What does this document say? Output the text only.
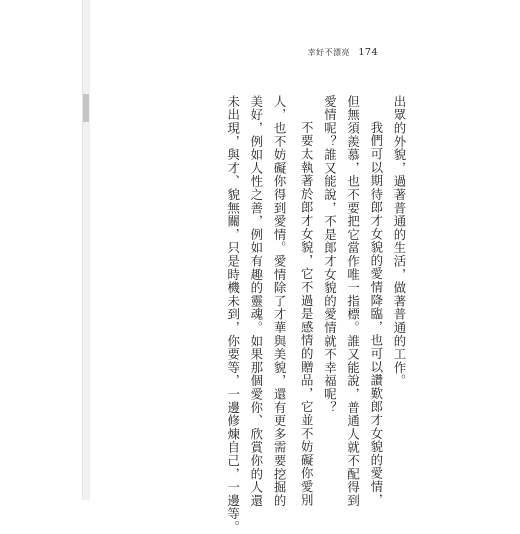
幸好不漂亮 174
出眾的外貌，過著普通的生活，做著普通的工作。
我們可以期待郎才女貌的愛情降臨，也可以讚歎郎才女貌的愛情，
但無須羨慕，也不要把它當作唯一指標。誰又能說，普通人就不配得到
愛情呢？誰又能說，不是郎才女貌的愛情就不幸福呢？
不要太執著於郎才女貌，它不過是感情的贈品，它並不妨礙你愛別
人，也不妨礙你得到愛情。愛情除了才華與美貌，還有更多需要挖掘的
美好，例如人性之善，例如有趣的靈魂。如果那個愛你、欣賞你的人還
未出現，與才、貌無關，只是時機未到，你要等，一邊修煉自己，一邊等。
